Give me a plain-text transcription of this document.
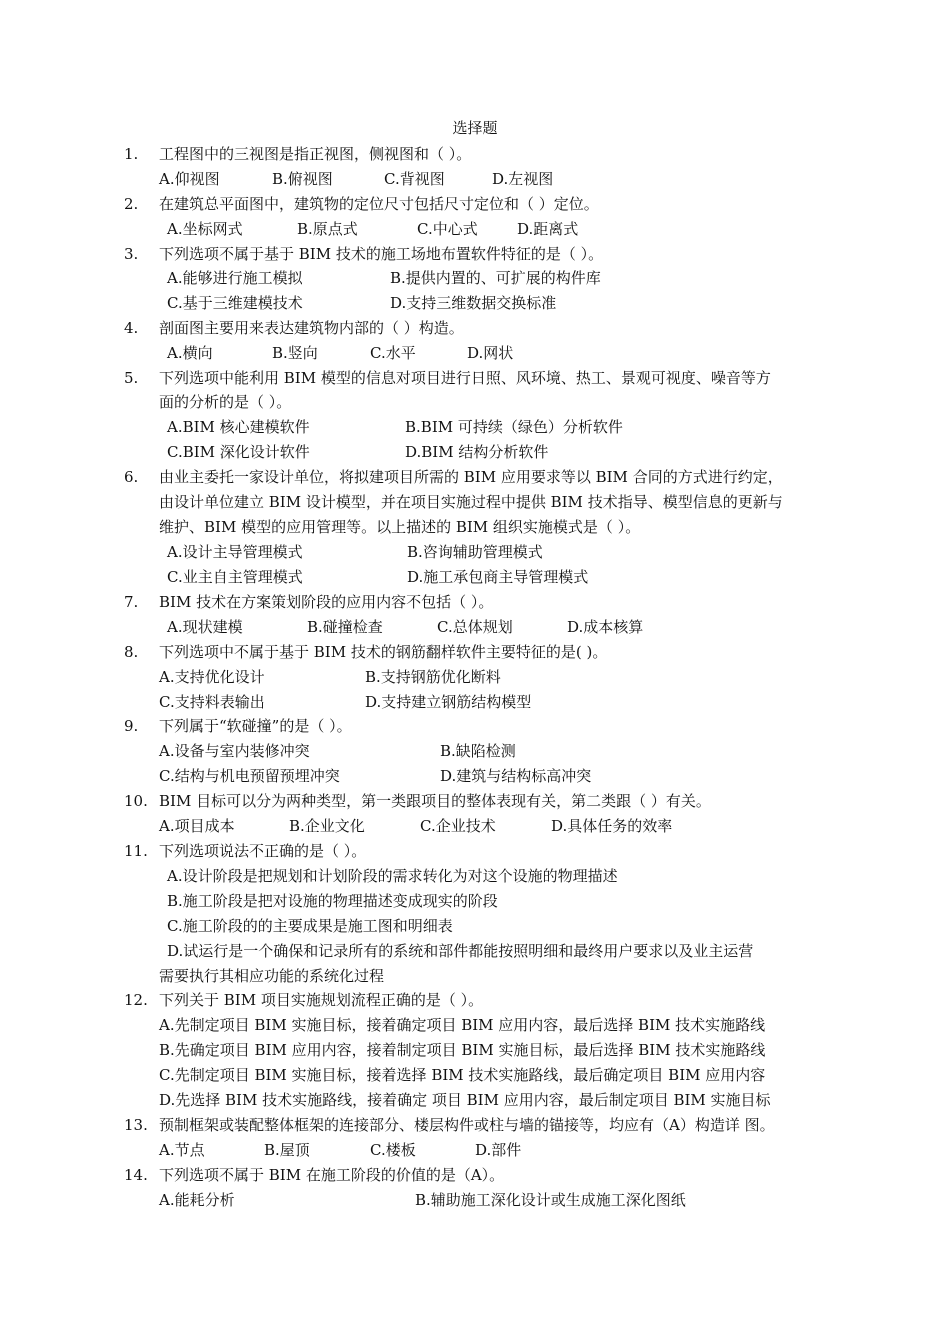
选择题
1. 工程图中的三视图是指正视图，侧视图和（ ）。
A.仰视图	B.俯视图	C.背视图	D.左视图
2. 在建筑总平面图中，建筑物的定位尺寸包括尺寸定位和（ ）定位。
A.坐标网式	B.原点式	C.中心式	D.距离式
3. 下列选项不属于基于 BIM 技术的施工场地布置软件特征的是（ ）。
A.能够进行施工模拟	B.提供内置的、可扩展的构件库
C.基于三维建模技术	D.支持三维数据交换标准
4. 剖面图主要用来表达建筑物内部的（ ）构造。
A.横向	B.竖向	C.水平	D.网状
5. 下列选项中能利用 BIM 模型的信息对项目进行日照、风环境、热工、景观可视度、噪音等方
面的分析的是（ ）。
A.BIM 核心建模软件	B.BIM 可持续（绿色）分析软件
C.BIM 深化设计软件	D.BIM 结构分析软件
6. 由业主委托一家设计单位，将拟建项目所需的 BIM 应用要求等以 BIM 合同的方式进行约定，
由设计单位建立 BIM 设计模型，并在项目实施过程中提供 BIM 技术指导、模型信息的更新与
维护、BIM 模型的应用管理等。以上描述的 BIM 组织实施模式是（ ）。
A.设计主导管理模式	B.咨询辅助管理模式
C.业主自主管理模式	D.施工承包商主导管理模式
7. BIM 技术在方案策划阶段的应用内容不包括（ ）。
A.现状建模	B.碰撞检查	C.总体规划	D.成本核算
8. 下列选项中不属于基于 BIM 技术的钢筋翻样软件主要特征的是( )。
A.支持优化设计	B.支持钢筋优化断料
C.支持料表输出	D.支持建立钢筋结构模型
9. 下列属于“软碰撞”的是（ ）。
A.设备与室内装修冲突	B.缺陷检测
C.结构与机电预留预埋冲突	D.建筑与结构标高冲突
10. BIM 目标可以分为两种类型，第一类跟项目的整体表现有关，第二类跟（ ）有关。
A.项目成本	B.企业文化	C.企业技术	D.具体任务的效率
11. 下列选项说法不正确的是（ ）。
A.设计阶段是把规划和计划阶段的需求转化为对这个设施的物理描述
B.施工阶段是把对设施的物理描述变成现实的阶段
C.施工阶段的的主要成果是施工图和明细表
D.试运行是一个确保和记录所有的系统和部件都能按照明细和最终用户要求以及业主运营
需要执行其相应功能的系统化过程
12. 下列关于 BIM 项目实施规划流程正确的是（ ）。
A.先制定项目 BIM 实施目标，接着确定项目 BIM 应用内容，最后选择 BIM 技术实施路线
B.先确定项目 BIM 应用内容，接着制定项目 BIM 实施目标，最后选择 BIM 技术实施路线
C.先制定项目 BIM 实施目标，接着选择 BIM 技术实施路线，最后确定项目 BIM 应用内容
D.先选择 BIM 技术实施路线，接着确定 项目 BIM 应用内容，最后制定项目 BIM 实施目标
13. 预制框架或装配整体框架的连接部分、楼层构件或柱与墙的锚接等，均应有（A）构造详 图。
A.节点	B.屋顶	C.楼板	D.部件
14. 下列选项不属于 BIM 在施工阶段的价值的是（A）。
A.能耗分析	B.辅助施工深化设计或生成施工深化图纸
